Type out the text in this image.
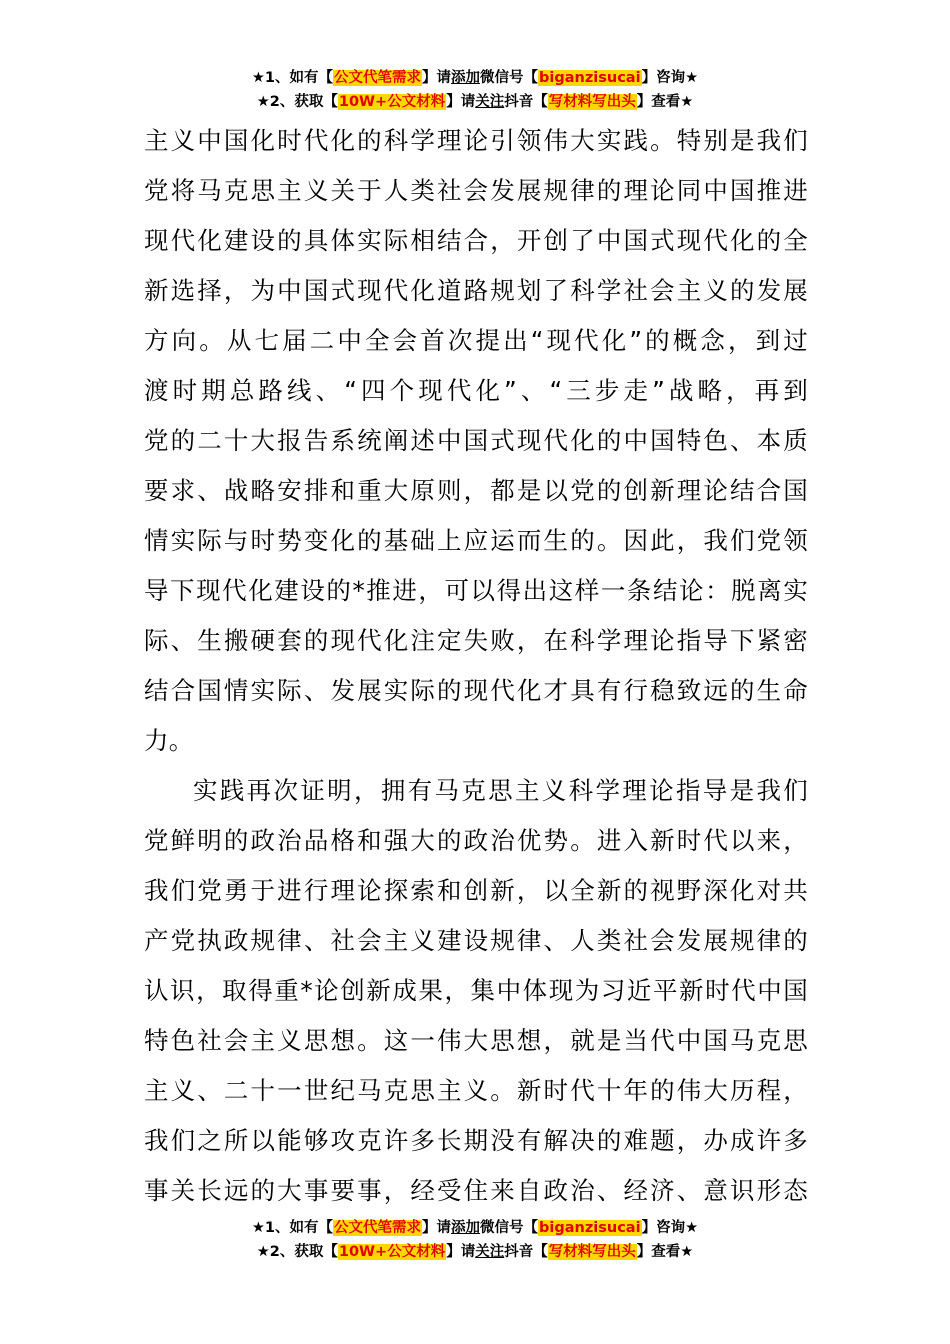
★1、如有【公文代笔需求】请添加微信号【biganzisucai】咨询★
★2、获取【10W+公文材料】请关注抖音【写材料写出头】查看★
主义中国化时代化的科学理论引领伟大实践。特别是我们
党将马克思主义关于人类社会发展规律的理论同中国推进
现代化建设的具体实际相结合，开创了中国式现代化的全
新选择，为中国式现代化道路规划了科学社会主义的发展
方向。从七届二中全会首次提出“现代化”的概念，到过
渡时期总路线、“四个现代化”、“三步走”战略，再到
党的二十大报告系统阐述中国式现代化的中国特色、本质
要求、战略安排和重大原则，都是以党的创新理论结合国
情实际与时势变化的基础上应运而生的。因此，我们党领
导下现代化建设的*推进，可以得出这样一条结论：脱离实
际、生搬硬套的现代化注定失败，在科学理论指导下紧密
结合国情实际、发展实际的现代化才具有行稳致远的生命
力。
实践再次证明，拥有马克思主义科学理论指导是我们
党鲜明的政治品格和强大的政治优势。进入新时代以来，
我们党勇于进行理论探索和创新，以全新的视野深化对共
产党执政规律、社会主义建设规律、人类社会发展规律的
认识，取得重*论创新成果，集中体现为习近平新时代中国
特色社会主义思想。这一伟大思想，就是当代中国马克思
主义、二十一世纪马克思主义。新时代十年的伟大历程，
我们之所以能够攻克许多长期没有解决的难题，办成许多
事关长远的大事要事，经受住来自政治、经济、意识形态
★1、如有【公文代笔需求】请添加微信号【biganzisucai】咨询★
★2、获取【10W+公文材料】请关注抖音【写材料写出头】查看★
